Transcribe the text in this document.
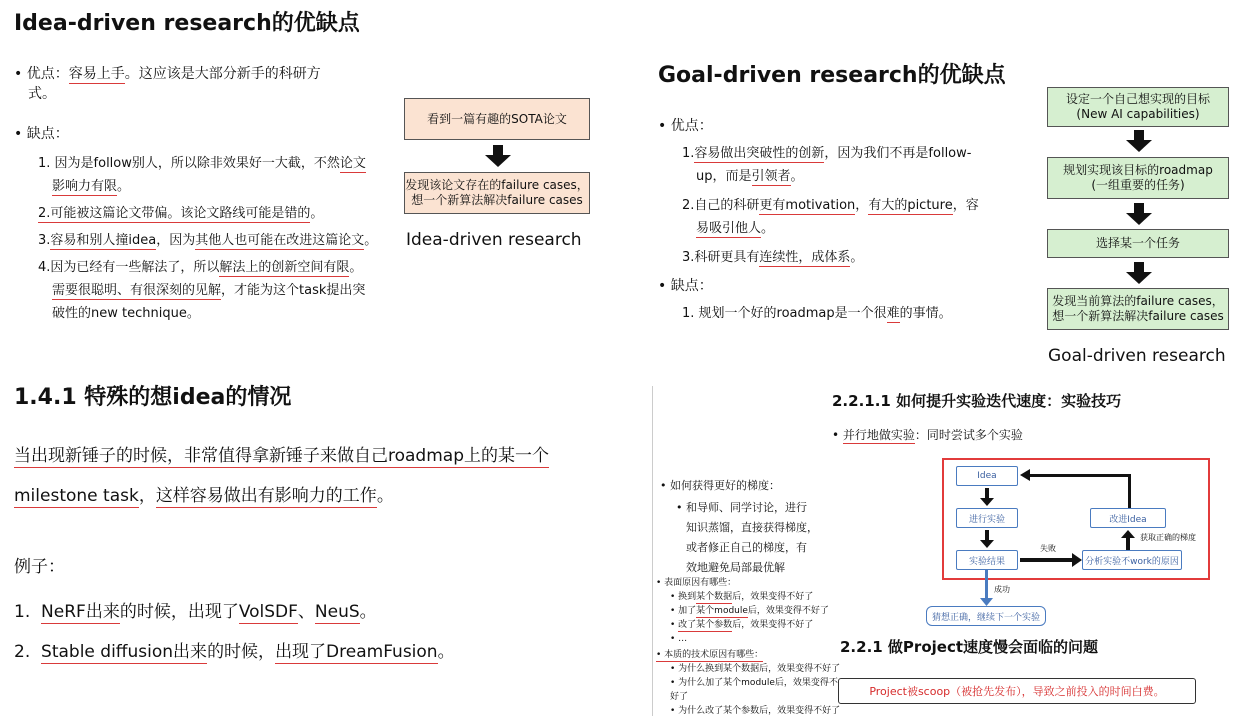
Idea-driven research的优缺点
• 优点：容易上手。这应该是大部分新手的科研方
式。
• 缺点：
1. 因为是follow别人，所以除非效果好一大截，不然论文
影响力有限。
2.可能被这篇论文带偏。该论文路线可能是错的。
3.容易和别人撞idea，因为其他人也可能在改进这篇论文。
4.因为已经有一些解法了，所以解法上的创新空间有限。
需要很聪明、有很深刻的见解，才能为这个task提出突
破性的new technique。
看到一篇有趣的SOTA论文
发现该论文存在的failure cases，
想一个新算法解决failure cases
Idea-driven research
Goal-driven research的优缺点
• 优点：
1.容易做出突破性的创新，因为我们不再是follow-
up，而是引领者。
2.自己的科研更有motivation，有大的picture，容
易吸引他人。
3.科研更具有连续性，成体系。
• 缺点：
1. 规划一个好的roadmap是一个很难的事情。
设定一个自己想实现的目标
(New AI capabilities)
规划实现该目标的roadmap
(一组重要的任务)
选择某一个任务
发现当前算法的failure cases，
想一个新算法解决failure cases
Goal-driven research
1.4.1 特殊的想idea的情况
当出现新锤子的时候，非常值得拿新锤子来做自己roadmap上的某一个
milestone task，这样容易做出有影响力的工作。
例子：
1. NeRF出来的时候，出现了VolSDF、NeuS。
2. Stable diffusion出来的时候，出现了DreamFusion。
2.2.1.1 如何提升实验迭代速度：实验技巧
• 并行地做实验：同时尝试多个实验
• 如何获得更好的梯度：
• 和导师、同学讨论，进行
知识蒸馏，直接获得梯度，
或者修正自己的梯度，有
效地避免局部最优解
• 表面原因有哪些：
• 换到某个数据后，效果变得不好了
• 加了某个module后，效果变得不好了
• 改了某个参数后，效果变得不好了
• …
• 本质的技术原因有哪些：
• 为什么换到某个数据后，效果变得不好了
• 为什么加了某个module后，效果变得不好了
• 为什么改了某个参数后，效果变得不好了
Idea
进行实验
实验结果
改进Idea
分析实验不work的原因
获取正确的梯度
失败
成功
猜想正确，继续下一个实验
2.2.1 做Project速度慢会面临的问题
Project被scoop（被抢先发布），导致之前投入的时间白费。
